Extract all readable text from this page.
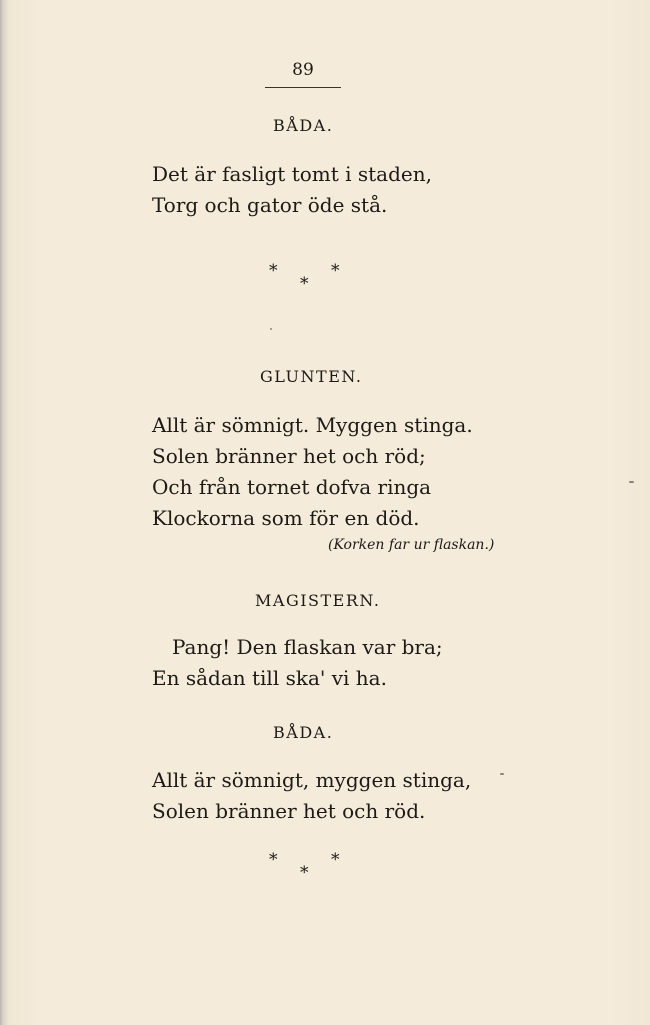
89
BÅDA.
Det är fasligt tomt i staden,
Torg och gator öde stå.
*	*
*
GLUNTEN.
Allt är sömnigt. Myggen stinga.
Solen bränner het och röd;
Och från tornet dofva ringa
Klockorna som för en död.
(Korken far ur flaskan.)
MAGISTERN.
Pang! Den flaskan var bra;
En sådan till ska' vi ha.
BÅDA.
Allt är sömnigt, myggen stinga,
Solen bränner het och röd.
*	*
*
